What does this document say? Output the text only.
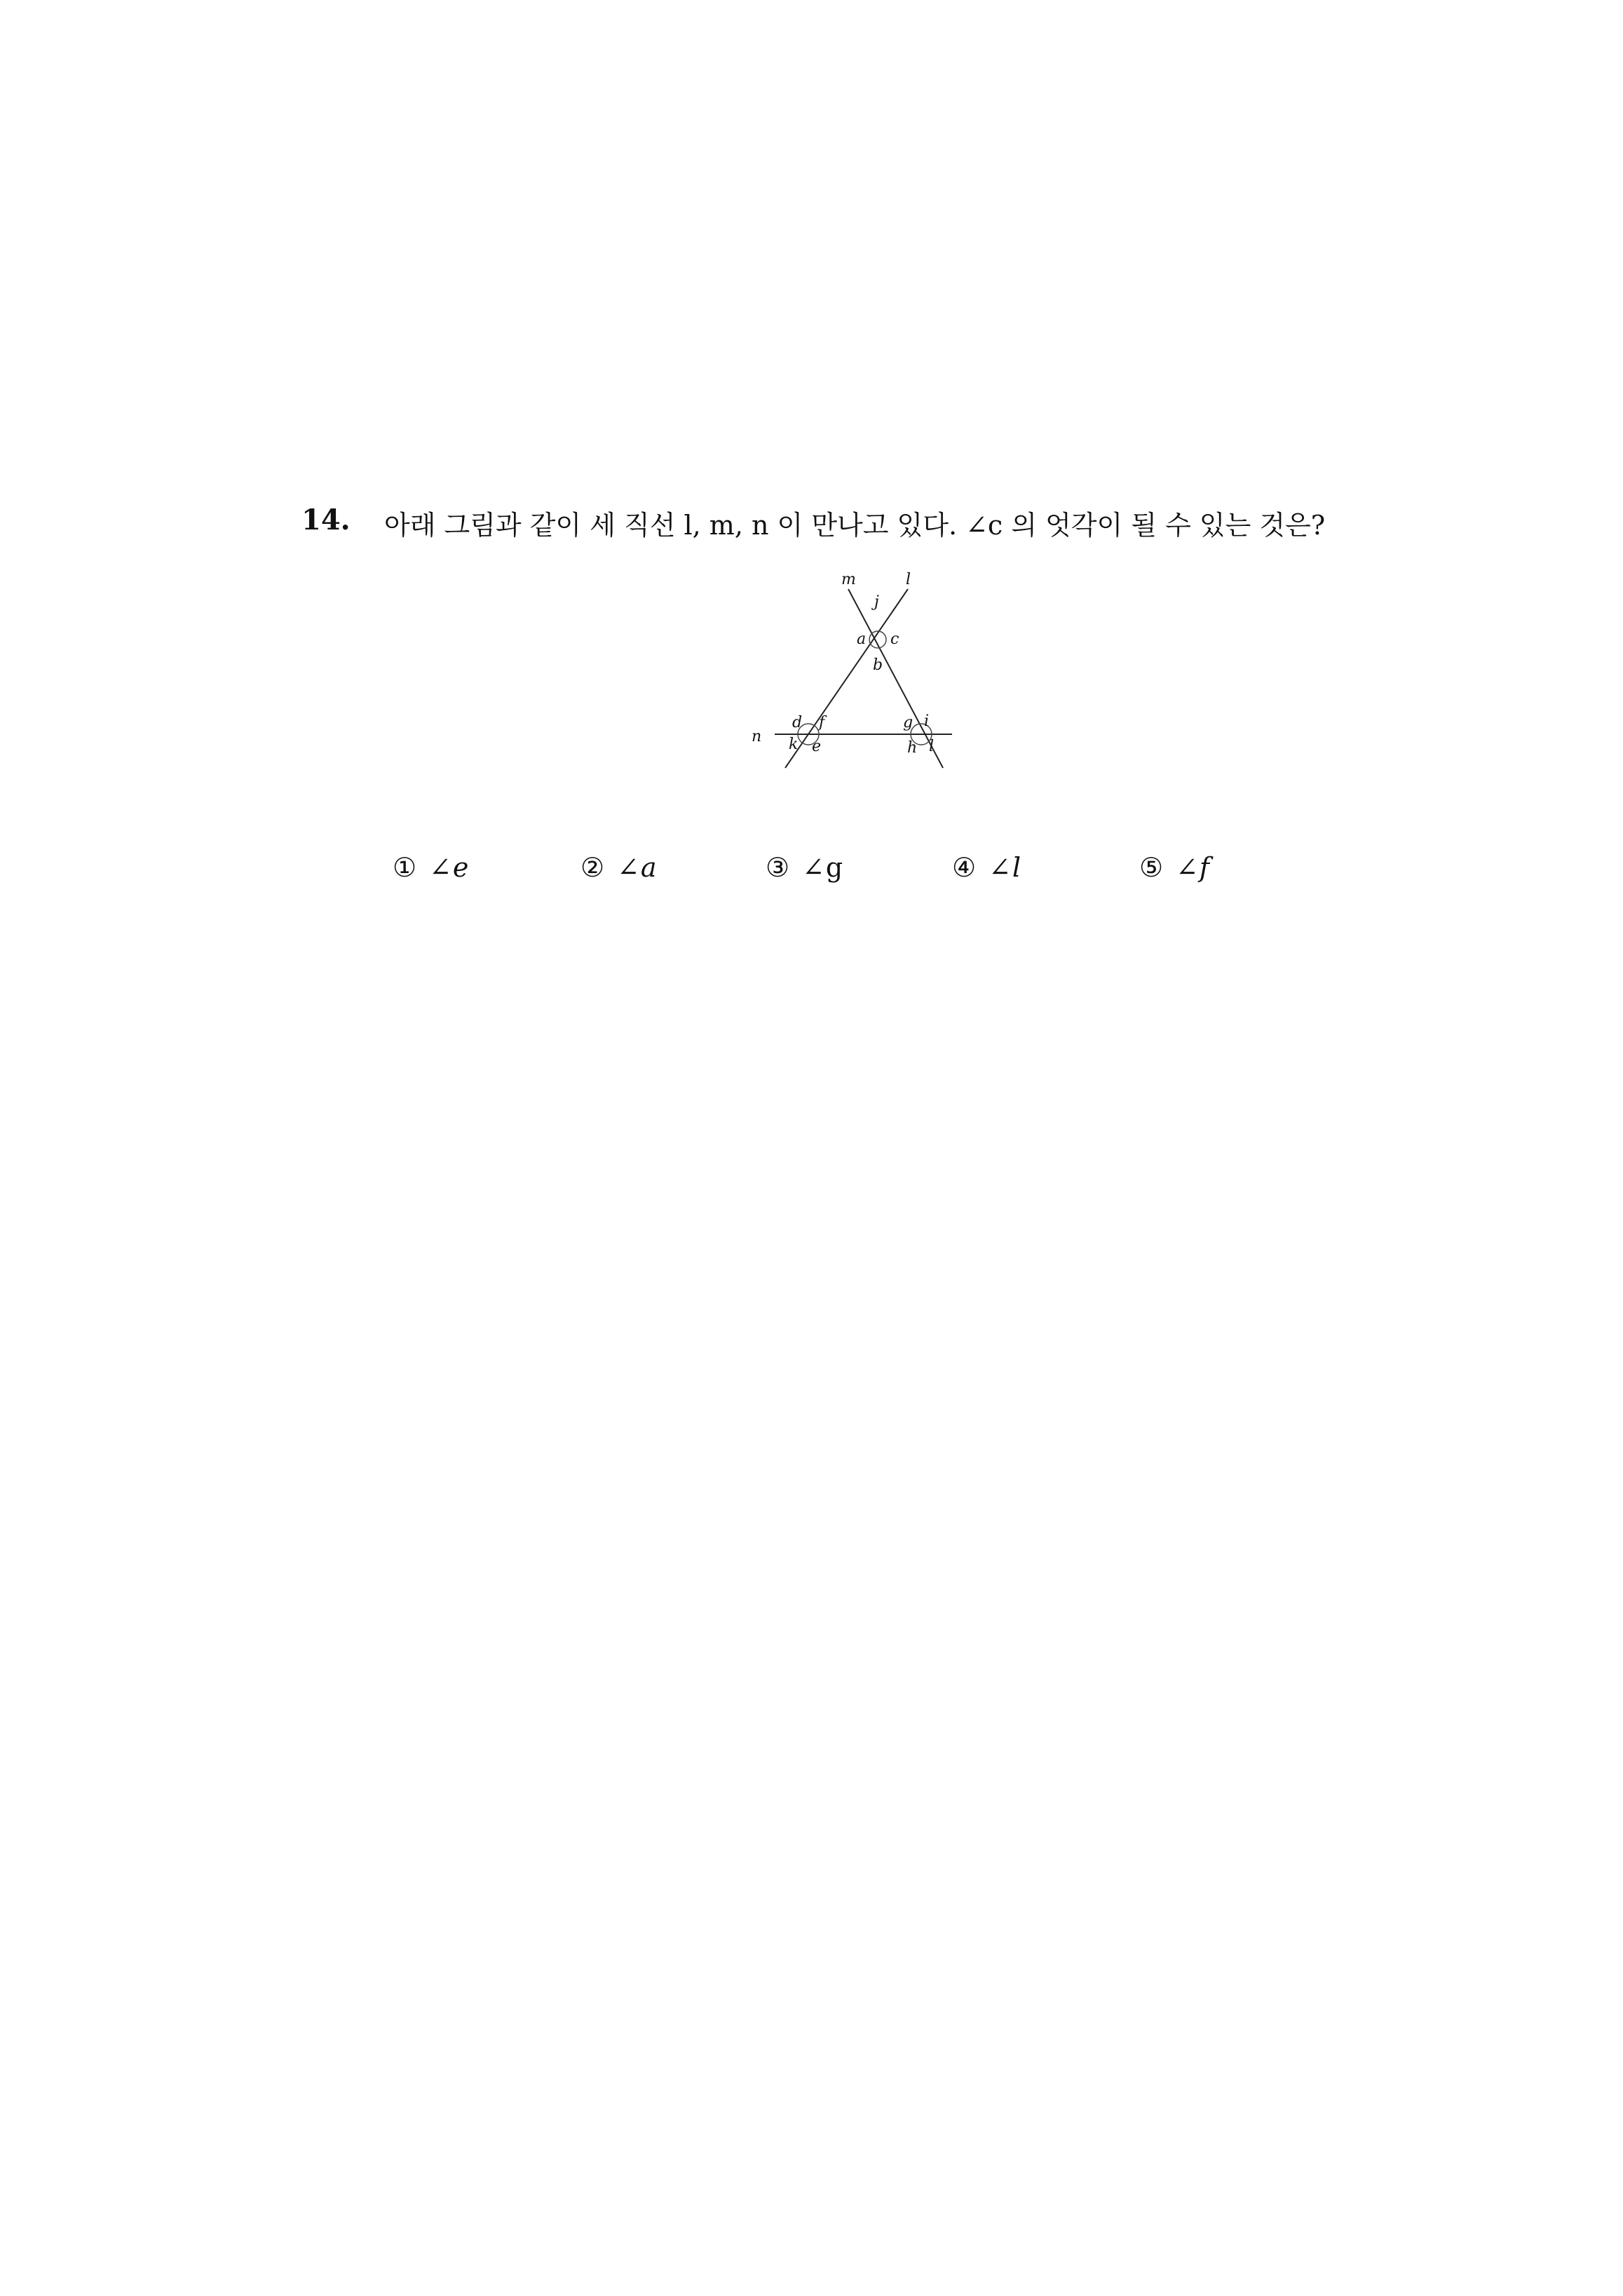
14. 아래 그림과 같이 세 직선 l, m, n 이 만나고 있다. ∠c 의 엇각이 될 수 있는 것은?
m	l
n
j
a c
b
d f
k e
g i
h l
① ∠e	② ∠a	③ ∠g	④ ∠l	⑤ ∠f
